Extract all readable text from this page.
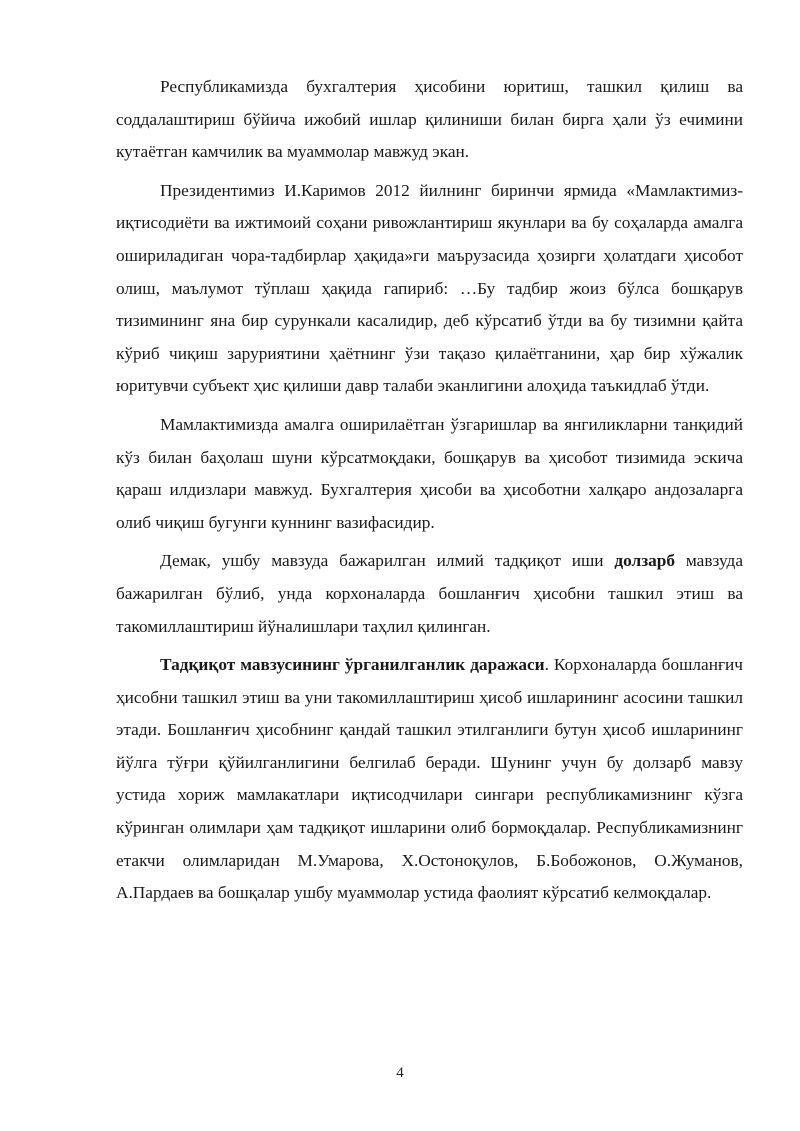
Республикамизда бухгалтерия ҳисобини юритиш, ташкил қилиш ва соддалаштириш бўйича ижобий ишлар қилиниши билан бирга ҳали ўз ечимини кутаётган камчилик ва муаммолар мавжуд экан.

Президентимиз И.Каримов 2012 йилнинг биринчи ярмида «Мамлактимиз- иқтисодиёти ва ижтимоий соҳани ривожлантириш якунлари ва бу соҳаларда амалга ошириладиган чора-тадбирлар ҳақида»ги маърузасида ҳозирги ҳолатдаги ҳисобот олиш, маълумот тўплаш ҳақида гапириб: …Бу тадбир жоиз бўлса бошқарув тизимининг яна бир сурункали касалидир, деб кўрсатиб ўтди ва бу тизимни қайта кўриб чиқиш заруриятини ҳаётнинг ўзи тақазо қилаётганини, ҳар бир хўжалик юритувчи субъект ҳис қилиши давр талаби эканлигини алоҳида таъкидлаб ўтди.

Мамлактимизда амалга оширилаётган ўзгаришлар ва янгиликларни танқидий кўз билан баҳолаш шуни кўрсатмоқдаки, бошқарув ва ҳисобот тизимида эскича қараш илдизлари мавжуд. Бухгалтерия ҳисоби ва ҳисоботни халқаро андозаларга олиб чиқиш бугунги куннинг вазифасидир.

Демак, ушбу мавзуда бажарилган илмий тадқиқот иши долзарб мавзуда бажарилган бўлиб, унда корхоналарда бошланғич ҳисобни ташкил этиш ва такомиллаштириш йўналишлари таҳлил қилинган.

Тадқиқот мавзусининг ўрганилганлик даражаси. Корхоналарда бошланғич ҳисобни ташкил этиш ва уни такомиллаштириш ҳисоб ишларининг асосини ташкил этади. Бошланғич ҳисобнинг қандай ташкил этилганлиги бутун ҳисоб ишларининг йўлга тўғри қўйилганлигини белгилаб беради. Шунинг учун бу долзарб мавзу устида хориж мамлакатлари иқтисодчилари сингари республикамизнинг кўзга кўринган олимлари ҳам тадқиқот ишларини олиб бормоқдалар. Республикамизнинг етакчи олимларидан М.Умарова, Х.Остоноқулов, Б.Бобожонов, О.Жуманов, А.Пардаев ва бошқалар ушбу муаммолар устида фаолият кўрсатиб келмоқдалар.

4
